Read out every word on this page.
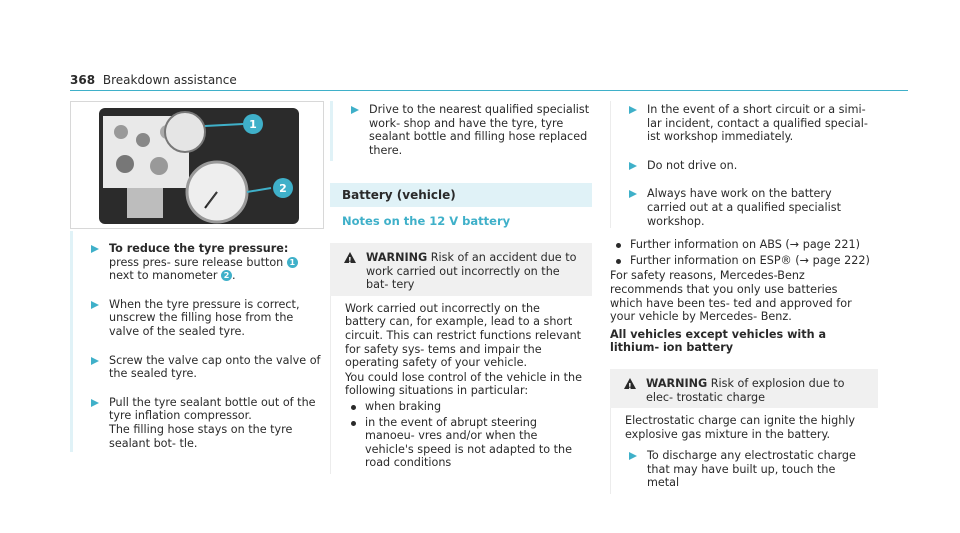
368 Breakdown assistance
1
2

To reduce the tyre pressure: press pres- sure release button 1 next to manometer 2 .

When the tyre pressure is correct, unscrew the filling hose from the valve of the sealed tyre.

Screw the valve cap onto the valve of the sealed tyre.

Pull the tyre sealant bottle out of the tyre inflation compressor.

The filling hose stays on the tyre sealant bot- tle.

Drive to the nearest qualified specialist work- shop and have the tyre, tyre sealant bottle and filling hose replaced there.

Battery (vehicle)
Notes on the 12 V battery
!

WARNING Risk of an accident due to work carried out incorrectly on the bat- tery

Work carried out incorrectly on the battery can, for example, lead to a short circuit. This can restrict functions relevant for safety sys- tems and impair the operating safety of your vehicle.

You could lose control of the vehicle in the following situations in particular:

when braking

in the event of abrupt steering manoeu- vres and/or when the vehicle's speed is not adapted to the road conditions

In the event of a short circuit or a simi- lar incident, contact a qualified special- ist workshop immediately.

Do not drive on.

Always have work on the battery carried out at a qualified specialist workshop.

Further information on ABS (→ page 221)

Further information on ESP® (→ page 222)

For safety reasons, Mercedes-Benz recommends that you only use batteries which have been tes- ted and approved for your vehicle by Mercedes- Benz.

All vehicles except vehicles with a lithium- ion battery

!

WARNING Risk of explosion due to elec- trostatic charge

Electrostatic charge can ignite the highly explosive gas mixture in the battery.

To discharge any electrostatic charge that may have built up, touch the metal
